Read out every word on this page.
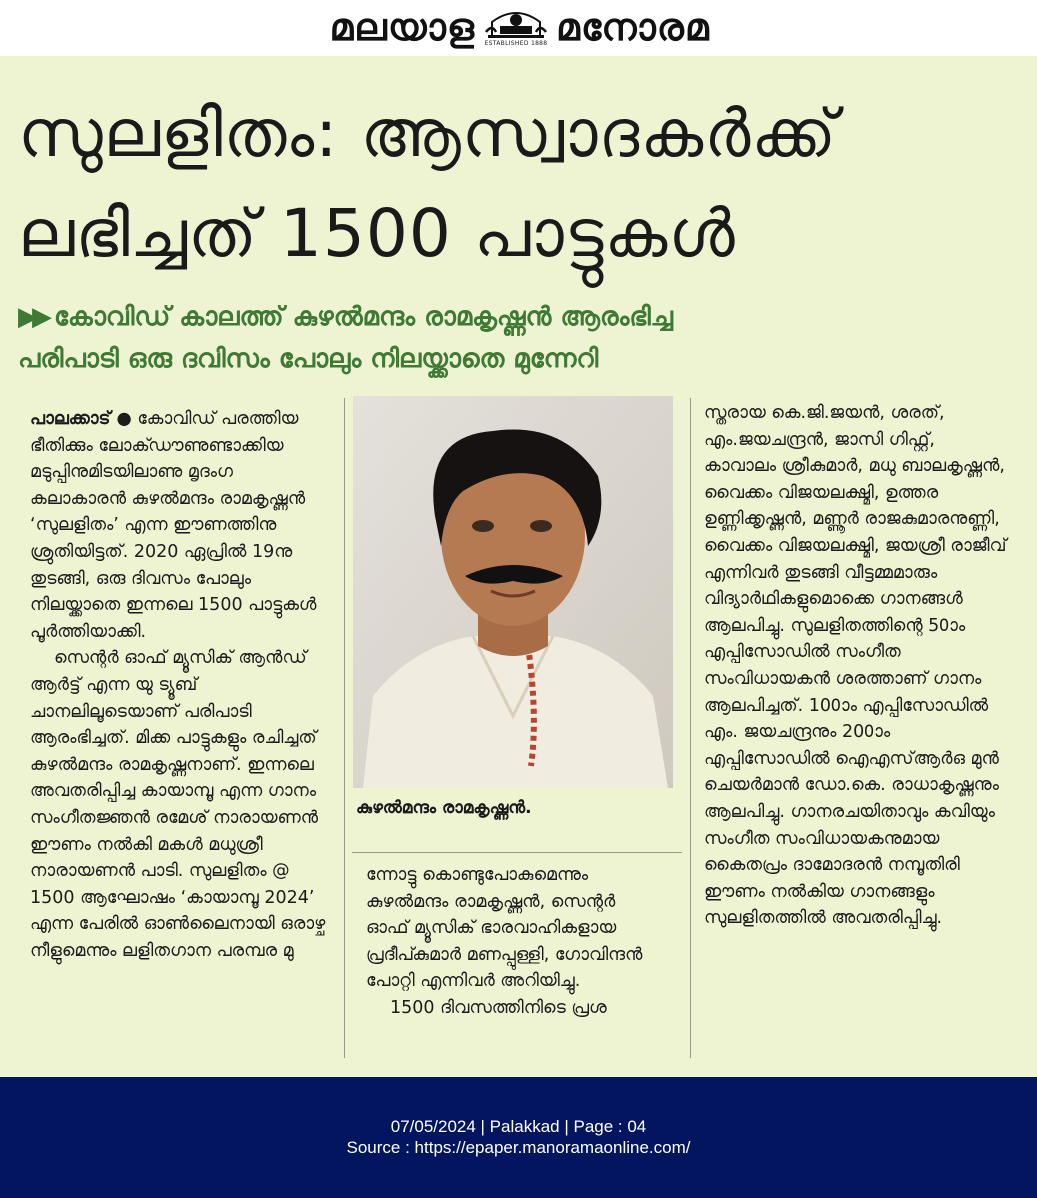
മലയാള	ESTABLISHED 1888 മനോരമ
സുലളിതം: ആസ്വാദകർക്ക്
ലഭിച്ചത് 1500 പാട്ടുകൾ
▶▶ കോവിഡ് കാലത്ത് കുഴൽമന്ദം രാമകൃഷ്ണൻ ആരംഭിച്ച
പരിപാടി ഒരു ദവിസം പോലും നിലയ്ക്കാതെ മുന്നേറി

പാലക്കാട് ● കോവിഡ് പരത്തിയ ഭീതിക്കും ലോക്ഡൗണുണ്ടാക്കിയ മടുപ്പിനുമിടയിലാണു മൃദംഗ കലാകാരൻ കുഴൽമന്ദം രാമകൃഷ്ണൻ ‘സുലളിതം’ എന്ന ഈണത്തിനു ശ്രുതിയിട്ടത്. 2020 ഏപ്രിൽ 19നു തുടങ്ങി, ഒരു ദിവസം പോലും നിലയ്ക്കാതെ ഇന്നലെ 1500 പാട്ടുകൾ പൂർത്തിയാക്കി.

സെന്റർ ഓഫ് മ്യൂസിക് ആൻഡ് ആർട്ട് എന്ന യു ട്യൂബ് ചാനലിലൂടെയാണ് പരിപാടി ആരംഭിച്ചത്. മിക്ക പാട്ടുകളും രചിച്ചത് കുഴൽമന്ദം രാമകൃഷ്ണനാണ്. ഇന്നലെ അവതരിപ്പിച്ച കായാമ്പൂ എന്ന ഗാനം സംഗീതജ്ഞൻ രമേശ് നാരായണൻ ഈണം നൽകി മകൾ മധുശ്രീ നാരായണൻ പാടി. സുലളിതം @ 1500 ആഘോഷം ‘കായാമ്പൂ 2024’ എന്ന പേരിൽ ഓൺലൈനായി ഒരാഴ്ച നീളുമെന്നും ലളിതഗാന പരമ്പര മു

കുഴൽമന്ദം രാമകൃഷ്ണൻ.

ന്നോട്ടു കൊണ്ടുപോകുമെന്നും കുഴൽമന്ദം രാമകൃഷ്ണൻ, സെന്റർ ഓഫ് മ്യൂസിക് ഭാരവാഹികളായ പ്രദീപ്കുമാർ മണപ്പുള്ളി, ഗോവിന്ദൻ പോറ്റി എന്നിവർ അറിയിച്ചു.

1500 ദിവസത്തിനിടെ പ്രശ

സ്തരായ കെ.ജി.ജയൻ, ശരത്, എം.ജയചന്ദ്രൻ, ജാസി ഗിഫ്റ്റ്, കാവാലം ശ്രീകുമാർ, മധു ബാലകൃഷ്ണൻ, വൈക്കം വിജയലക്ഷ്മി, ഉത്തര ഉണ്ണിക്കൃഷ്ണൻ, മണ്ണൂർ രാജകുമാരനുണ്ണി, വൈക്കം വിജയലക്ഷ്മി, ജയശ്രീ രാജീവ് എന്നിവർ തുടങ്ങി വീട്ടമ്മമാരും വിദ്യാർഥികളുമൊക്കെ ഗാനങ്ങൾ ആലപിച്ചു. സുലളിതത്തിന്റെ 50ാം എപ്പിസോഡിൽ സംഗീത സംവിധായകൻ ശരത്താണ് ഗാനം ആലപിച്ചത്. 100ാം എപ്പിസോഡിൽ എം. ജയചന്ദ്രനും 200ാം എപ്പിസോഡിൽ ഐഎസ്ആർഒ മുൻ ചെയർമാൻ ഡോ.കെ. രാധാകൃഷ്ണനും ആലപിച്ചു. ഗാനരചയിതാവും കവിയും സംഗീത സംവിധായകനുമായ കൈതപ്രം ദാമോദരൻ നമ്പൂതിരി ഈണം നൽകിയ ഗാനങ്ങളും സുലളിതത്തിൽ അവതരിപ്പിച്ചു.

07/05/2024 | Palakkad | Page : 04
Source : https://epaper.manoramaonline.com/
